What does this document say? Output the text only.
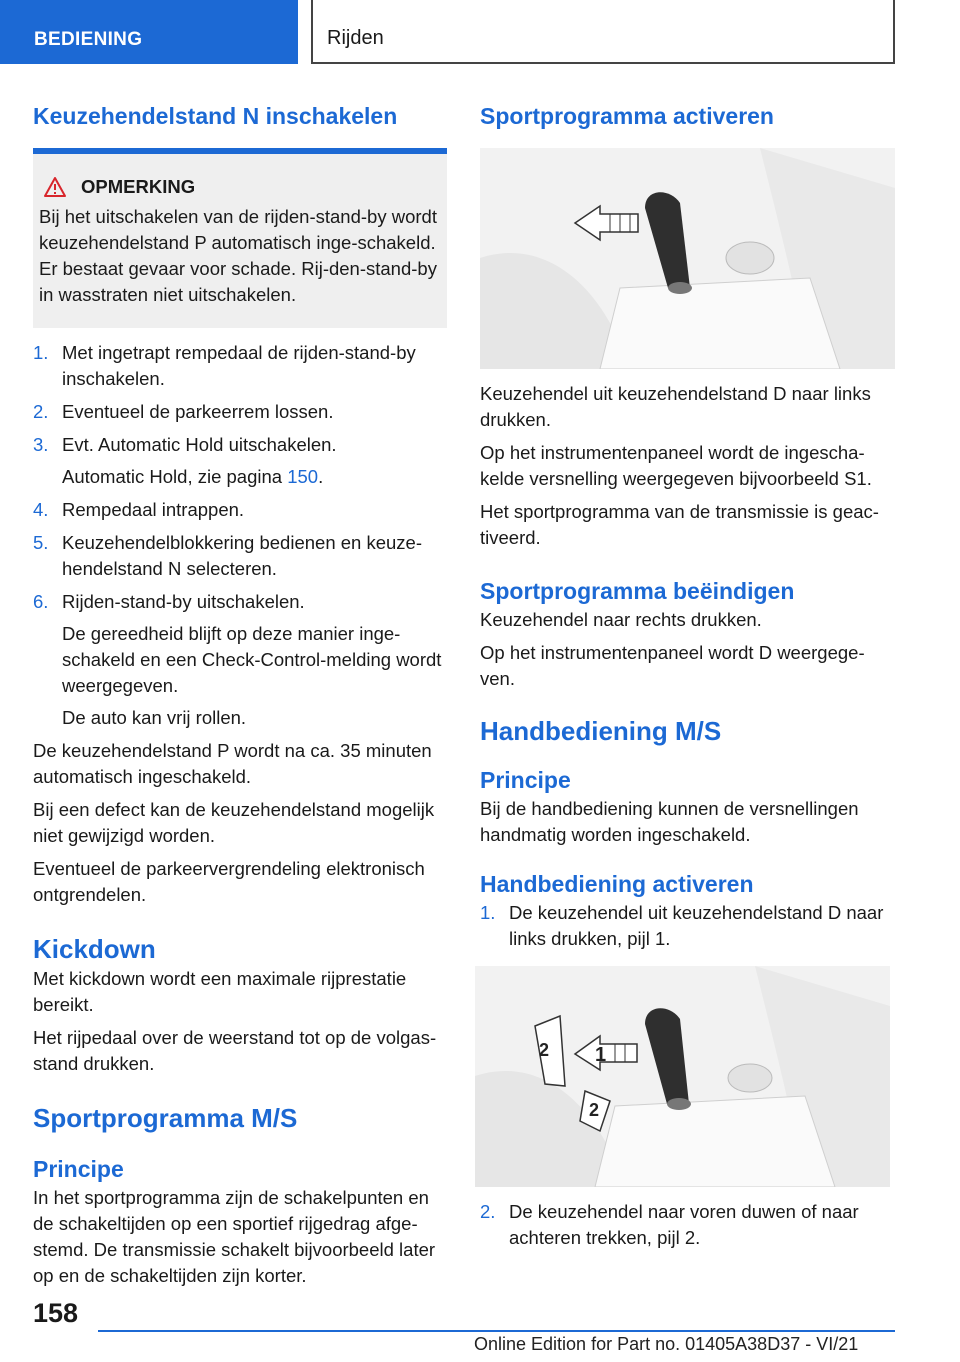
BEDIENING	Rijden
Keuzehendelstand N inschakelen
OPMERKING

Bij het uitschakelen van de rijden-stand-by wordt keuzehendelstand P automatisch inge-schakeld. Er bestaat gevaar voor schade. Rij-den-stand-by in wasstraten niet uitschakelen.

1. Met ingetrapt rempedaal de rijden-stand-by inschakelen.
2. Eventueel de parkeerrem lossen.
3. Evt. Automatic Hold uitschakelen.
Automatic Hold, zie pagina 150.
4. Rempedaal intrappen.
5. Keuzehendelblokkering bedienen en keuze-hendelstand N selecteren.
6. Rijden-stand-by uitschakelen.
De gereedheid blijft op deze manier inge-schakeld en een Check-Control-melding wordt weergegeven.
De auto kan vrij rollen.

De keuzehendelstand P wordt na ca. 35 minuten automatisch ingeschakeld.

Bij een defect kan de keuzehendelstand mogelijk niet gewijzigd worden.

Eventueel de parkeervergrendeling elektronisch ontgrendelen.

Kickdown

Met kickdown wordt een maximale rijprestatie bereikt.

Het rijpedaal over de weerstand tot op de volgas-stand drukken.

Sportprogramma M/S
Principe

In het sportprogramma zijn de schakelpunten en de schakeltijden op een sportief rijgedrag afge-stemd. De transmissie schakelt bijvoorbeeld later op en de schakeltijden zijn korter.

Sportprogramma activeren

Keuzehendel uit keuzehendelstand D naar links drukken.

Op het instrumentenpaneel wordt de ingescha-kelde versnelling weergegeven bijvoorbeeld S1.

Het sportprogramma van de transmissie is geac-tiveerd.

Sportprogramma beëindigen

Keuzehendel naar rechts drukken.

Op het instrumentenpaneel wordt D weergege-ven.

Handbediening M/S
Principe

Bij de handbediening kunnen de versnellingen handmatig worden ingeschakeld.

Handbediening activeren
1. De keuzehendel uit keuzehendelstand D naar links drukken, pijl 1.
1
2
2
2. De keuzehendel naar voren duwen of naar achteren trekken, pijl 2.
158
Online Edition for Part no. 01405A38D37 - VI/21
